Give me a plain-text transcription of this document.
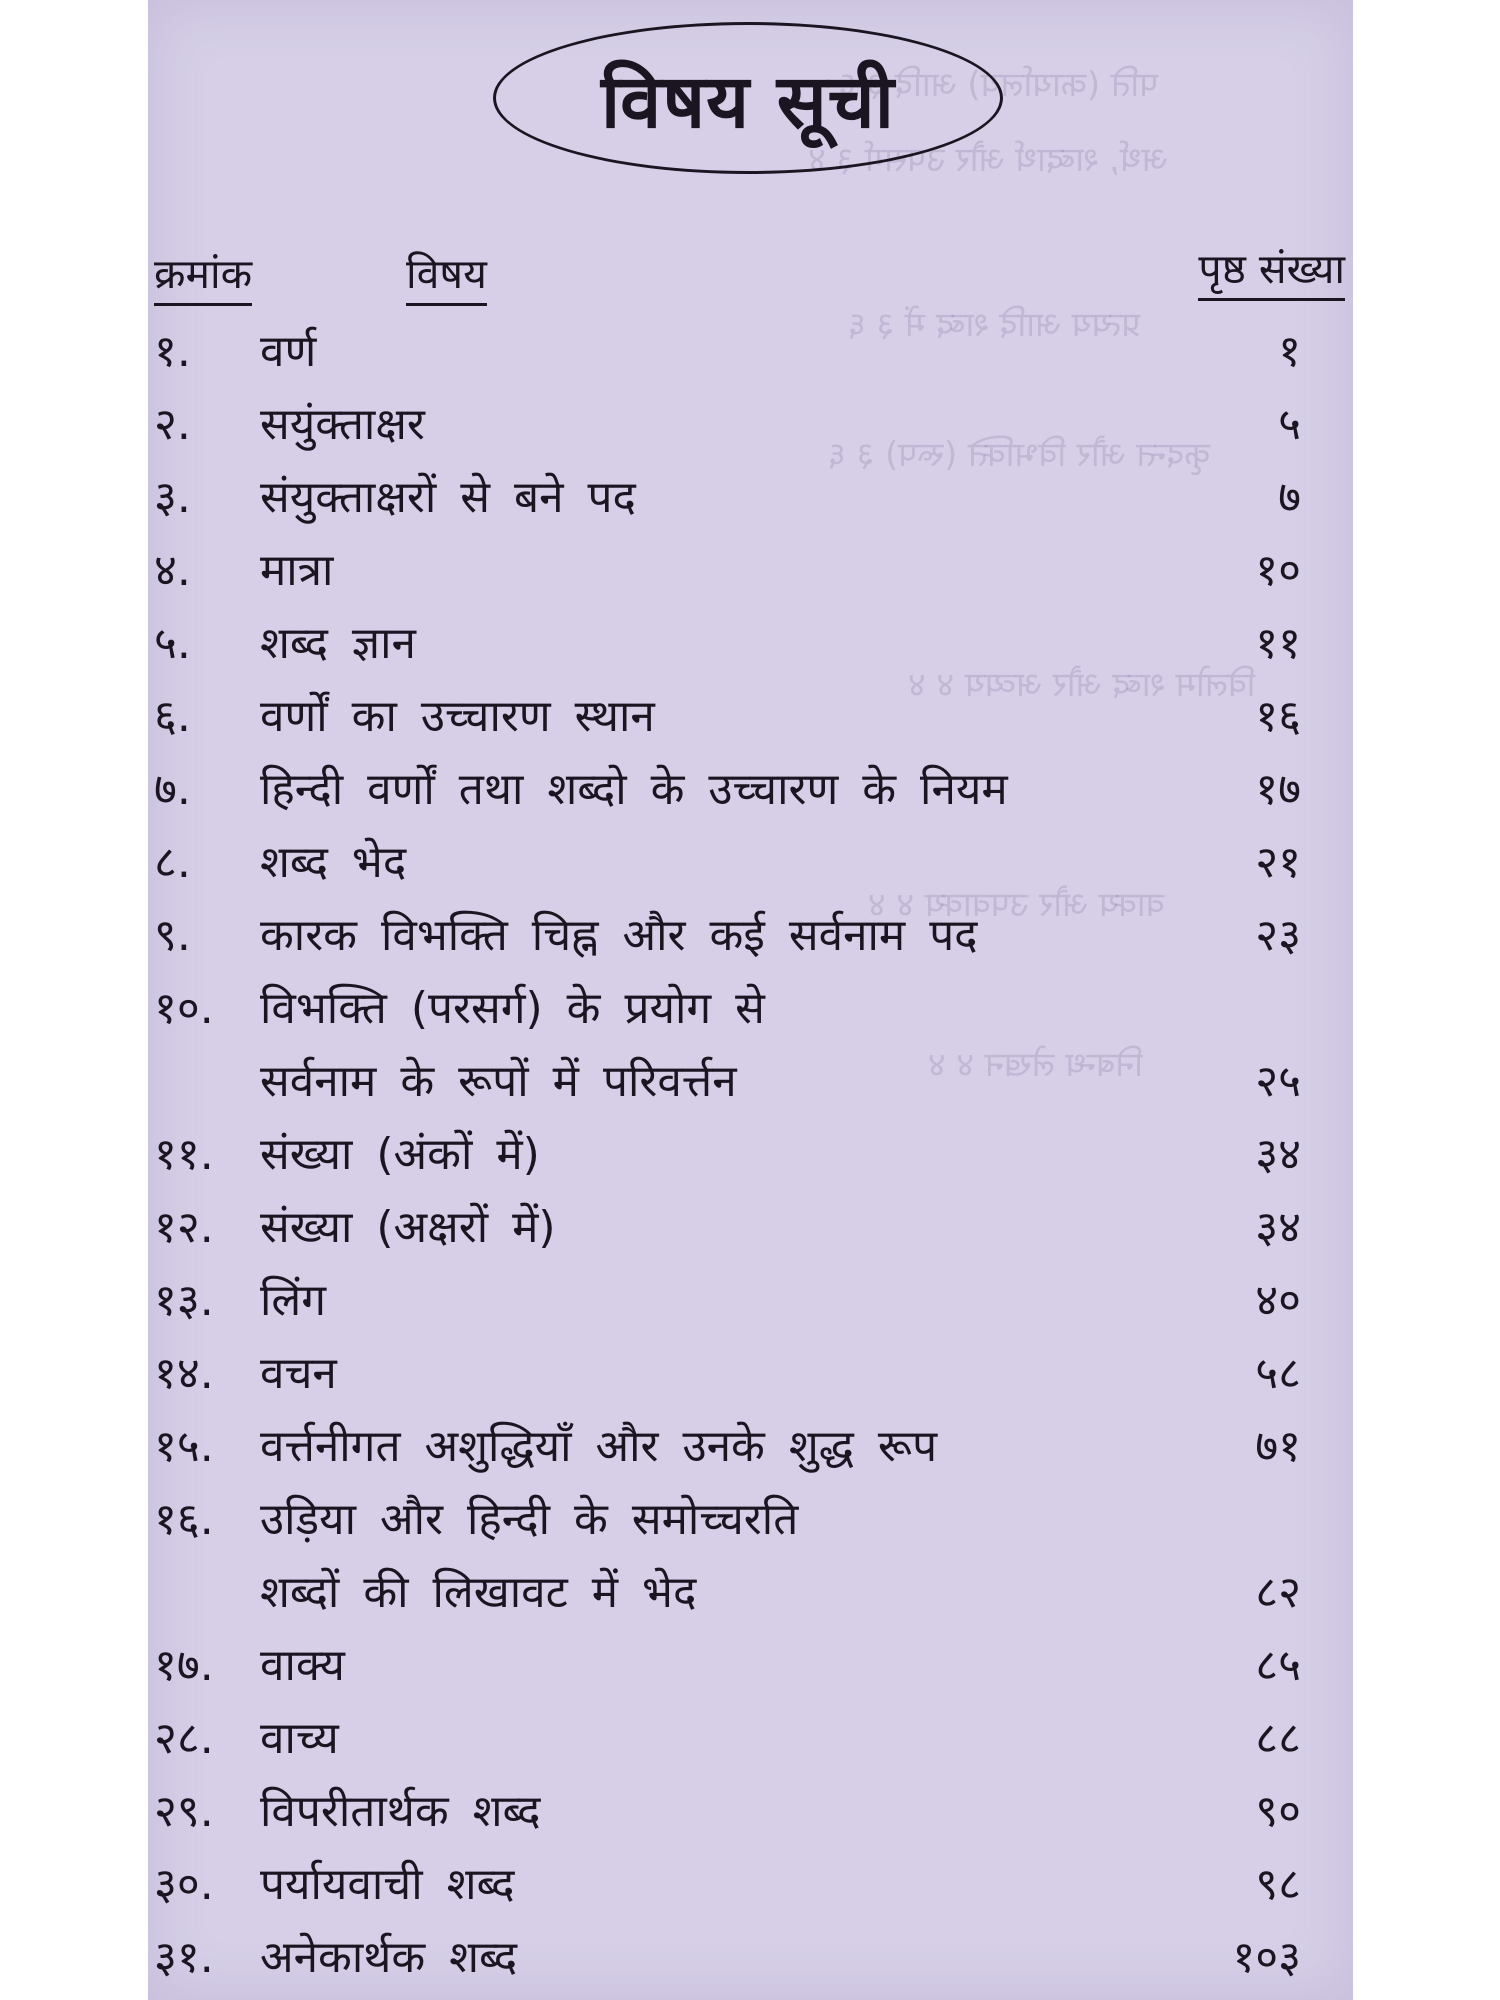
पति (कार्यालय) आदि ३ ६
अर्थ, शब्दार्थ और उपसर्ग ३ ४
प्रत्यय आदि शब्द में ३ ६
कृदन्त और विभक्ति (रूप) ३ ६
विलोम शब्द और अव्यय ४ ४
वाक्य और उपवाक्य ४ ४
निबन्ध लेखन ४ ४
विषय सूची
क्रमांक	विषय	पृष्ठ संख्या
१.	वर्ण	१
२.	सयुंक्ताक्षर	५
३.	संयुक्ताक्षरों से बने पद	७
४.	मात्रा	१०
५.	शब्द ज्ञान	११
६.	वर्णों का उच्चारण स्थान	१६
७.	हिन्दी वर्णों तथा शब्दो के उच्चारण के नियम	१७
८.	शब्द भेद	२१
९.	कारक विभक्ति चिह्न और कई सर्वनाम पद	२३
१०.	विभक्ति (परसर्ग) के प्रयोग से
सर्वनाम के रूपों में परिवर्त्तन	२५
११.	संख्या (अंकों में)	३४
१२.	संख्या (अक्षरों में)	३४
१३.	लिंग	४०
१४.	वचन	५८
१५.	वर्त्तनीगत अशुद्धियाँ और उनके शुद्ध रूप	७१
१६.	उड़िया और हिन्दी के समोच्चरति
शब्दों की लिखावट में भेद	८२
१७.	वाक्य	८५
२८.	वाच्य	८८
२९.	विपरीतार्थक शब्द	९०
३०.	पर्यायवाची शब्द	९८
३१.	अनेकार्थक शब्द	१०३
